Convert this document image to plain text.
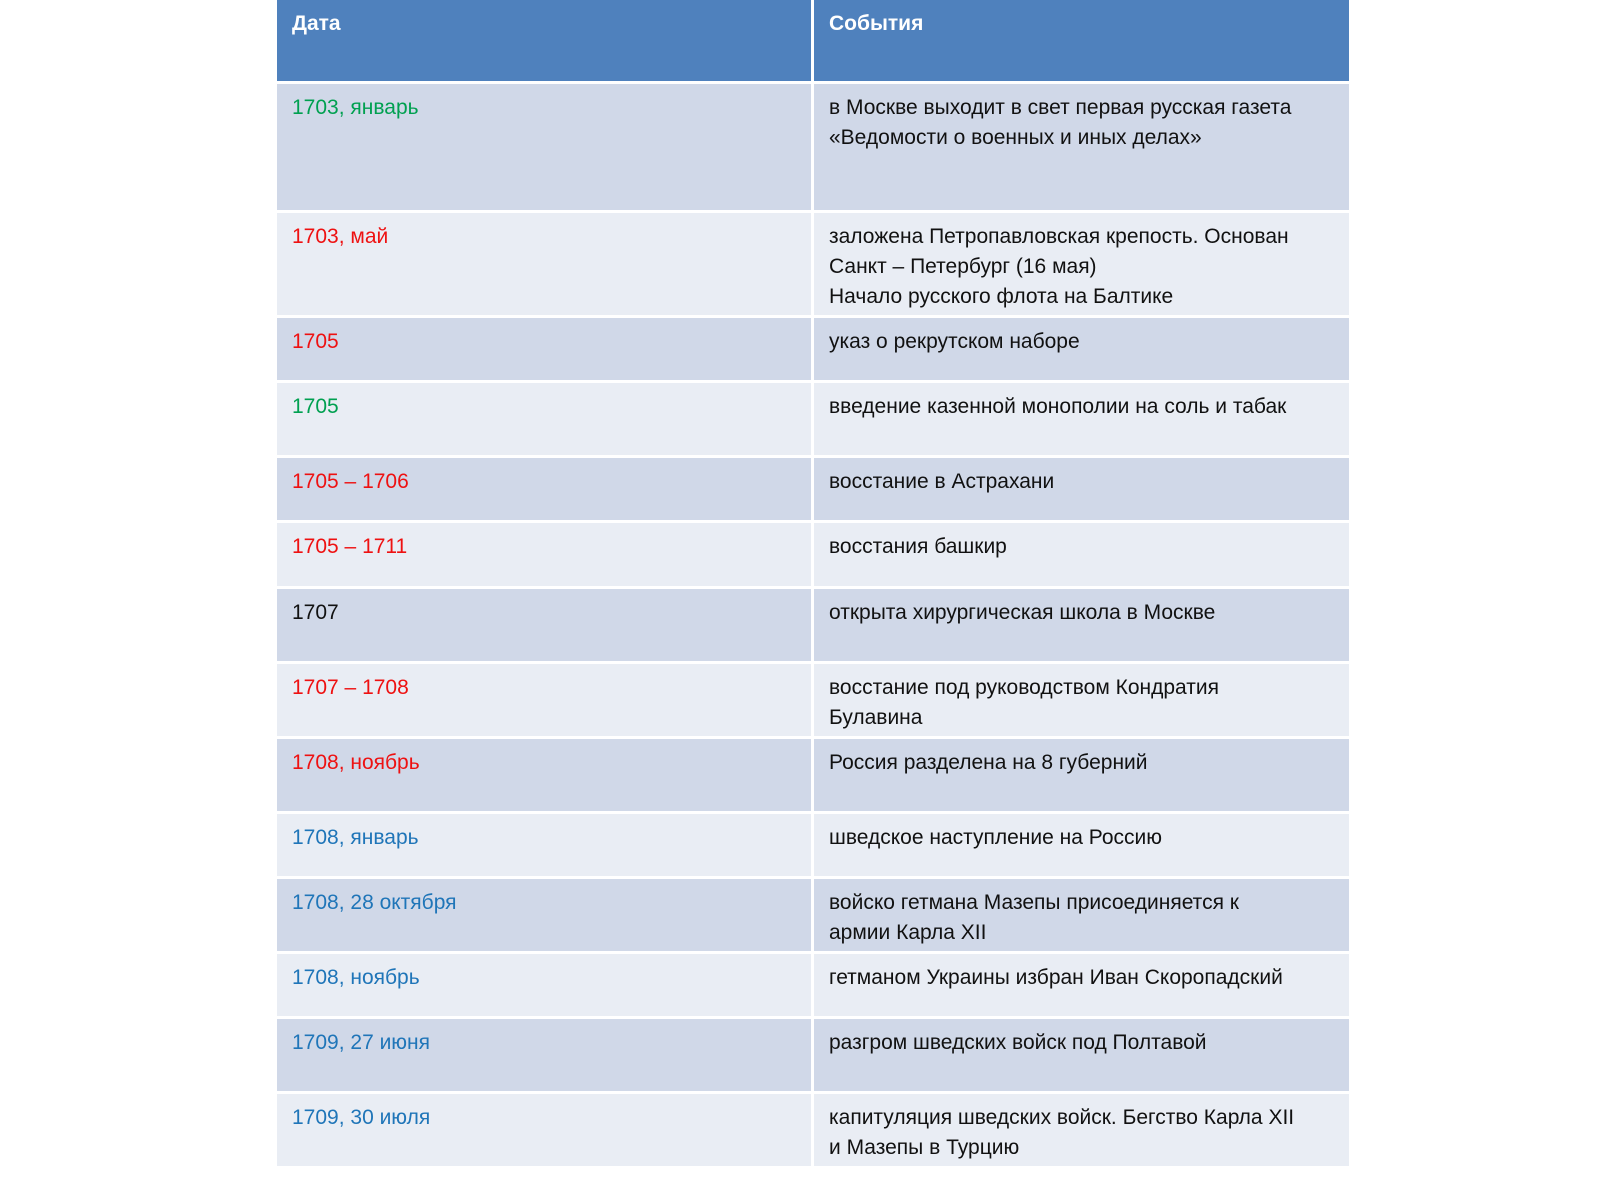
Дата	События
1703, январь	в Москве выходит в свет первая русская газета
«Ведомости о военных и иных делах»
1703, май	заложена Петропавловская крепость. Основан
Санкт – Петербург (16 мая)
Начало русского флота на Балтике
1705	указ о рекрутском наборе
1705	введение казенной монополии на соль и табак
1705 – 1706	восстание в Астрахани
1705 – 1711	восстания башкир
1707	открыта хирургическая школа в Москве
1707 – 1708	восстание под руководством Кондратия
Булавина
1708, ноябрь	Россия разделена на 8 губерний
1708, январь	шведское наступление на Россию
1708, 28 октября	войско гетмана Мазепы присоединяется к
армии Карла XII
1708, ноябрь	гетманом Украины избран Иван Скоропадский
1709, 27 июня	разгром шведских войск под Полтавой
1709, 30 июля	капитуляция шведских войск. Бегство Карла XII
и Мазепы в Турцию
